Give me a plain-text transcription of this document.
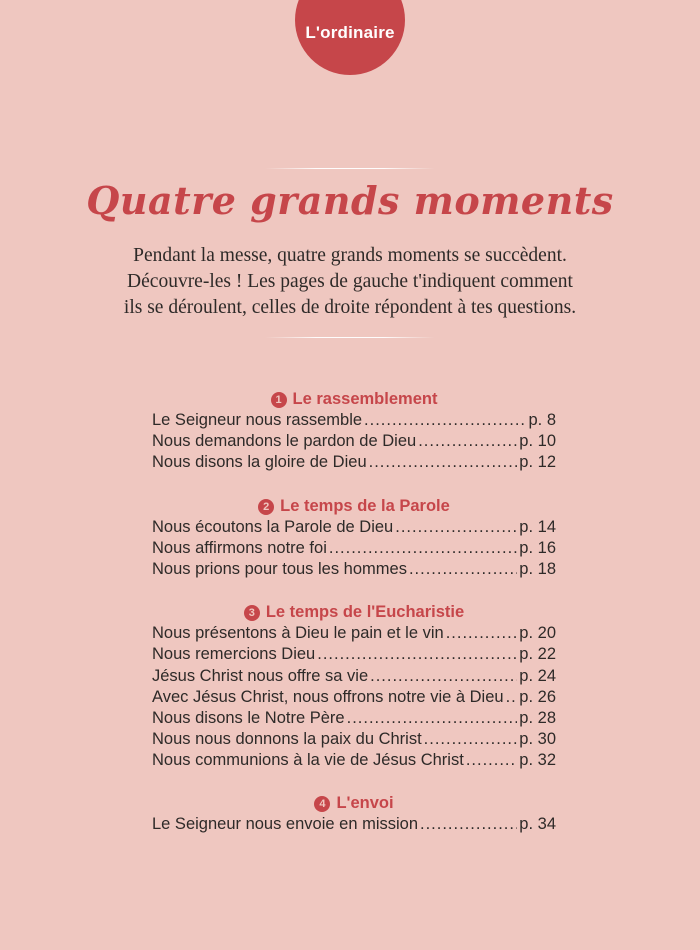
L'ordinaire
Quatre grands moments
Pendant la messe, quatre grands moments se succèdent.
Découvre-les ! Les pages de gauche t'indiquent comment
ils se déroulent, celles de droite répondent à tes questions.
1 Le rassemblement
Le Seigneur nous rassemble .....	p. 8
Nous demandons le pardon de Dieu .....	p. 10
Nous disons la gloire de Dieu .....	p. 12
2 Le temps de la Parole
Nous écoutons la Parole de Dieu .....	p. 14
Nous affirmons notre foi .....	p. 16
Nous prions pour tous les hommes .....	p. 18
3 Le temps de l'Eucharistie
Nous présentons à Dieu le pain et le vin .....	p. 20
Nous remercions Dieu .....	p. 22
Jésus Christ nous offre sa vie .....	p. 24
Avec Jésus Christ, nous offrons notre vie à Dieu ..... p. 26
Nous disons le Notre Père .....	p. 28
Nous nous donnons la paix du Christ .....	p. 30
Nous communions à la vie de Jésus Christ .....	p. 32
4 L'envoi
Le Seigneur nous envoie en mission .....	p. 34
